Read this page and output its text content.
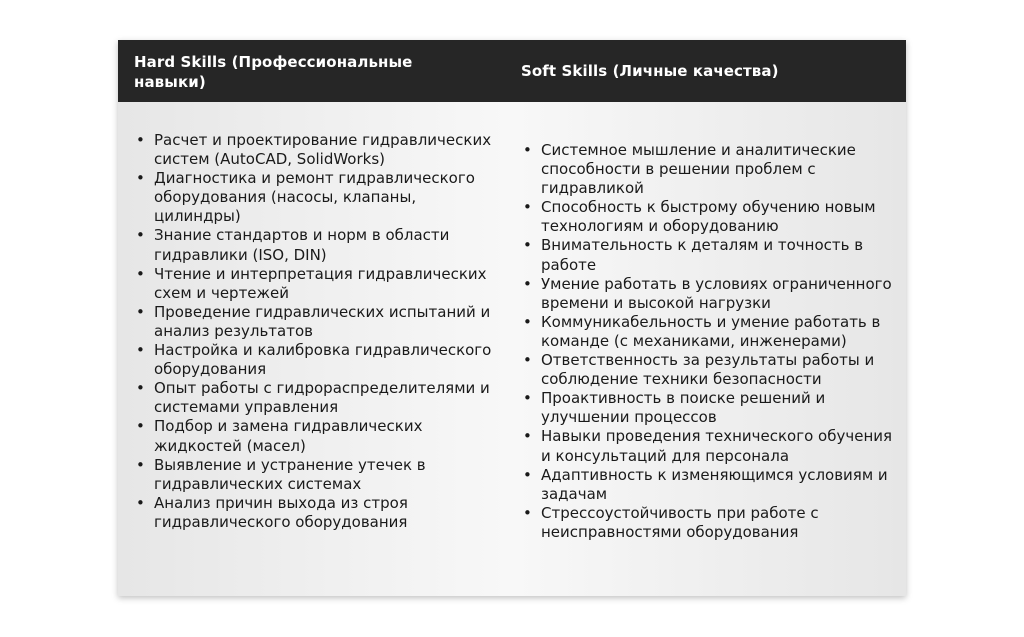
Hard Skills (Профессиональные навыки)
Soft Skills (Личные качества)
• Расчет и проектирование гидравлических систем (AutoCAD, SolidWorks)
• Диагностика и ремонт гидравлического оборудования (насосы, клапаны, цилиндры)
• Знание стандартов и норм в области гидравлики (ISO, DIN)
• Чтение и интерпретация гидравлических схем и чертежей
• Проведение гидравлических испытаний и анализ результатов
• Настройка и калибровка гидравлического оборудования
• Опыт работы с гидрораспределителями и системами управления
• Подбор и замена гидравлических жидкостей (масел)
• Выявление и устранение утечек в гидравлических системах
• Анализ причин выхода из строя гидравлического оборудования
• Системное мышление и аналитические способности в решении проблем с гидравликой
• Способность к быстрому обучению новым технологиям и оборудованию
• Внимательность к деталям и точность в работе
• Умение работать в условиях ограниченного времени и высокой нагрузки
• Коммуникабельность и умение работать в команде (с механиками, инженерами)
• Ответственность за результаты работы и соблюдение техники безопасности
• Проактивность в поиске решений и улучшении процессов
• Навыки проведения технического обучения и консультаций для персонала
• Адаптивность к изменяющимся условиям и задачам
• Стрессоустойчивость при работе с неисправностями оборудования
